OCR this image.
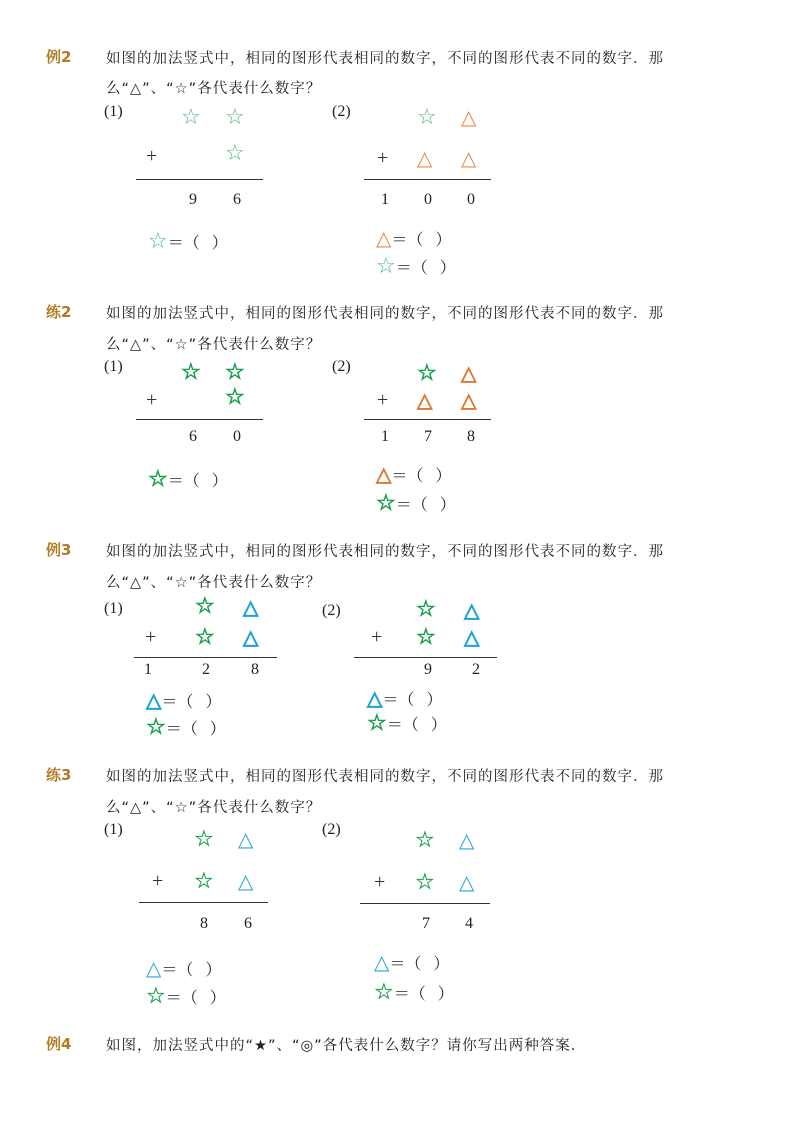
例2 如图的加法竖式中，相同的图形代表相同的数字，不同的图形代表不同的数字．那
么“△”、“☆”各代表什么数字？
(1)	☆ ☆
+	☆
9 6
☆＝（ ）
(2)	☆ △
+ △ △
1 0 0
△＝（ ）
☆＝（ ）
练2 如图的加法竖式中，相同的图形代表相同的数字，不同的图形代表不同的数字．那
么“△”、“☆”各代表什么数字？
(1)	☆ ☆
+	☆
6 0
☆＝（ ）
(2)	☆ △
+ △ △
1 7 8
△＝（ ）
☆＝（ ）
例3 如图的加法竖式中，相同的图形代表相同的数字，不同的图形代表不同的数字．那
么“△”、“☆”各代表什么数字？
(1)	☆ △
+ ☆ △
1	2	8
△＝（ ）
☆＝（ ）
(2)	☆ △
+ ☆ △
9	2
△＝（ ）
☆＝（ ）
练3 如图的加法竖式中，相同的图形代表相同的数字，不同的图形代表不同的数字．那
么“△”、“☆”各代表什么数字？
(1)	☆ △
+ ☆ △
8 6
△＝（ ）
☆＝（ ）
(2)	☆ △
+ ☆ △
7 4
△＝（ ）
☆＝（ ）
例4 如图，加法竖式中的“★”、“◎”各代表什么数字？请你写出两种答案．
